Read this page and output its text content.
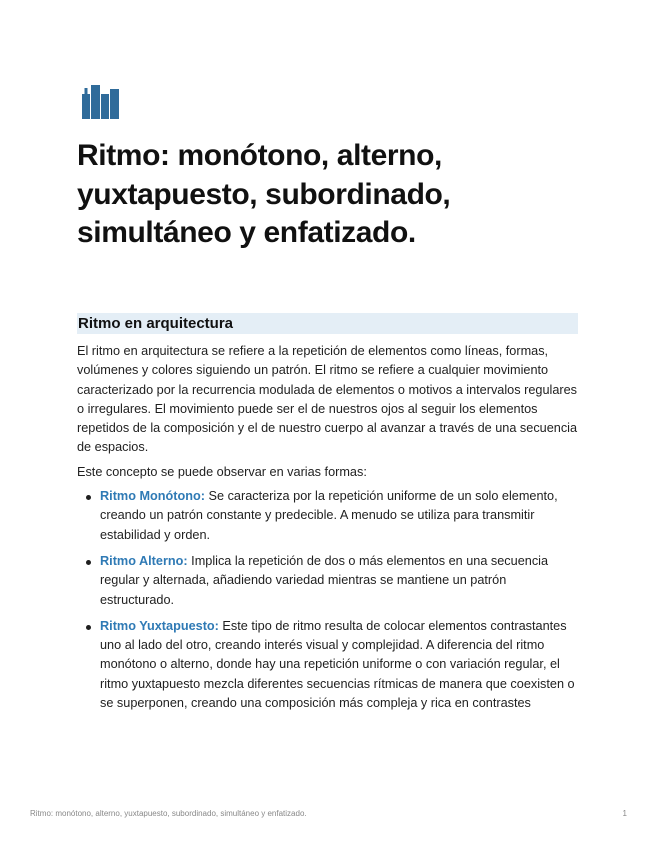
Ritmo: monótono, alterno, yuxtapuesto, subordinado, simultáneo y enfatizado.
Ritmo en arquitectura

El ritmo en arquitectura se refiere a la repetición de elementos como líneas, formas, volúmenes y colores siguiendo un patrón. El ritmo se refiere a cualquier movimiento caracterizado por la recurrencia modulada de elementos o motivos a intervalos regulares o irregulares. El movimiento puede ser el de nuestros ojos al seguir los elementos repetidos de la composición y el de nuestro cuerpo al avanzar a través de una secuencia de espacios.

Este concepto se puede observar en varias formas:

Ritmo Monótono: Se caracteriza por la repetición uniforme de un solo elemento, creando un patrón constante y predecible. A menudo se utiliza para transmitir estabilidad y orden.
Ritmo Alterno: Implica la repetición de dos o más elementos en una secuencia regular y alternada, añadiendo variedad mientras se mantiene un patrón estructurado.
Ritmo Yuxtapuesto: Este tipo de ritmo resulta de colocar elementos contrastantes uno al lado del otro, creando interés visual y complejidad. A diferencia del ritmo monótono o alterno, donde hay una repetición uniforme o con variación regular, el ritmo yuxtapuesto mezcla diferentes secuencias rítmicas de manera que coexisten o se superponen, creando una composición más compleja y rica en contrastes
Ritmo: monótono, alterno, yuxtapuesto, subordinado, simultáneo y enfatizado.	1
